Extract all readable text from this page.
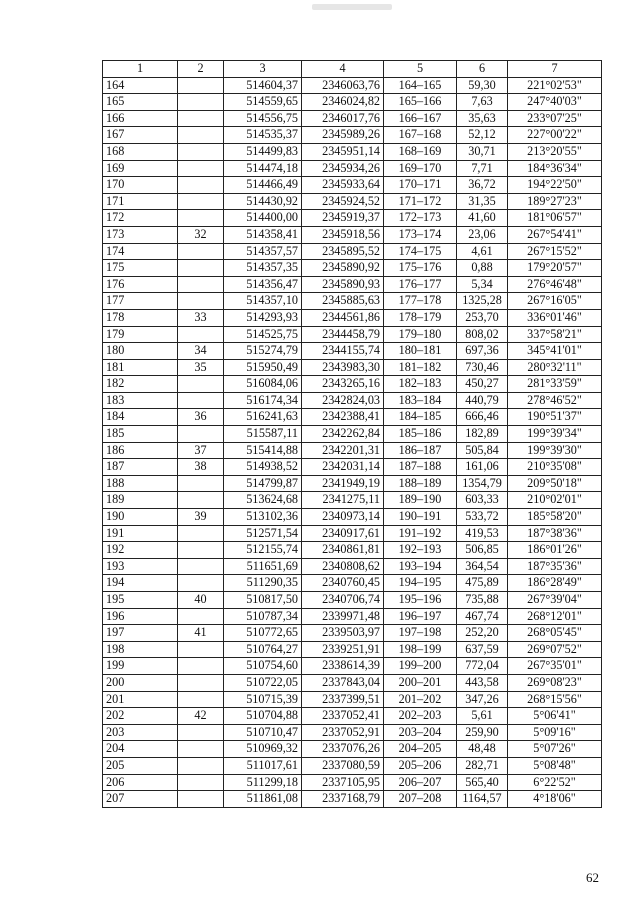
1	2	3	4	5	6	7
164		514604,37	2346063,76	164–165	59,30	221°02'53"
165		514559,65	2346024,82	165–166	7,63	247°40'03"
166		514556,75	2346017,76	166–167	35,63	233°07'25"
167		514535,37	2345989,26	167–168	52,12	227°00'22"
168		514499,83	2345951,14	168–169	30,71	213°20'55"
169		514474,18	2345934,26	169–170	7,71	184°36'34"
170		514466,49	2345933,64	170–171	36,72	194°22'50"
171		514430,92	2345924,52	171–172	31,35	189°27'23"
172		514400,00	2345919,37	172–173	41,60	181°06'57"
173	32	514358,41	2345918,56	173–174	23,06	267°54'41"
174		514357,57	2345895,52	174–175	4,61	267°15'52"
175		514357,35	2345890,92	175–176	0,88	179°20'57"
176		514356,47	2345890,93	176–177	5,34	276°46'48"
177		514357,10	2345885,63	177–178	1325,28	267°16'05"
178	33	514293,93	2344561,86	178–179	253,70	336°01'46"
179		514525,75	2344458,79	179–180	808,02	337°58'21"
180	34	515274,79	2344155,74	180–181	697,36	345°41'01"
181	35	515950,49	2343983,30	181–182	730,46	280°32'11"
182		516084,06	2343265,16	182–183	450,27	281°33'59"
183		516174,34	2342824,03	183–184	440,79	278°46'52"
184	36	516241,63	2342388,41	184–185	666,46	190°51'37"
185		515587,11	2342262,84	185–186	182,89	199°39'34"
186	37	515414,88	2342201,31	186–187	505,84	199°39'30"
187	38	514938,52	2342031,14	187–188	161,06	210°35'08"
188		514799,87	2341949,19	188–189	1354,79	209°50'18"
189		513624,68	2341275,11	189–190	603,33	210°02'01"
190	39	513102,36	2340973,14	190–191	533,72	185°58'20"
191		512571,54	2340917,61	191–192	419,53	187°38'36"
192		512155,74	2340861,81	192–193	506,85	186°01'26"
193		511651,69	2340808,62	193–194	364,54	187°35'36"
194		511290,35	2340760,45	194–195	475,89	186°28'49"
195	40	510817,50	2340706,74	195–196	735,88	267°39'04"
196		510787,34	2339971,48	196–197	467,74	268°12'01"
197	41	510772,65	2339503,97	197–198	252,20	268°05'45"
198		510764,27	2339251,91	198–199	637,59	269°07'52"
199		510754,60	2338614,39	199–200	772,04	267°35'01"
200		510722,05	2337843,04	200–201	443,58	269°08'23"
201		510715,39	2337399,51	201–202	347,26	268°15'56"
202	42	510704,88	2337052,41	202–203	5,61	5°06'41"
203		510710,47	2337052,91	203–204	259,90	5°09'16"
204		510969,32	2337076,26	204–205	48,48	5°07'26"
205		511017,61	2337080,59	205–206	282,71	5°08'48"
206		511299,18	2337105,95	206–207	565,40	6°22'52"
207		511861,08	2337168,79	207–208	1164,57	4°18'06"
62
